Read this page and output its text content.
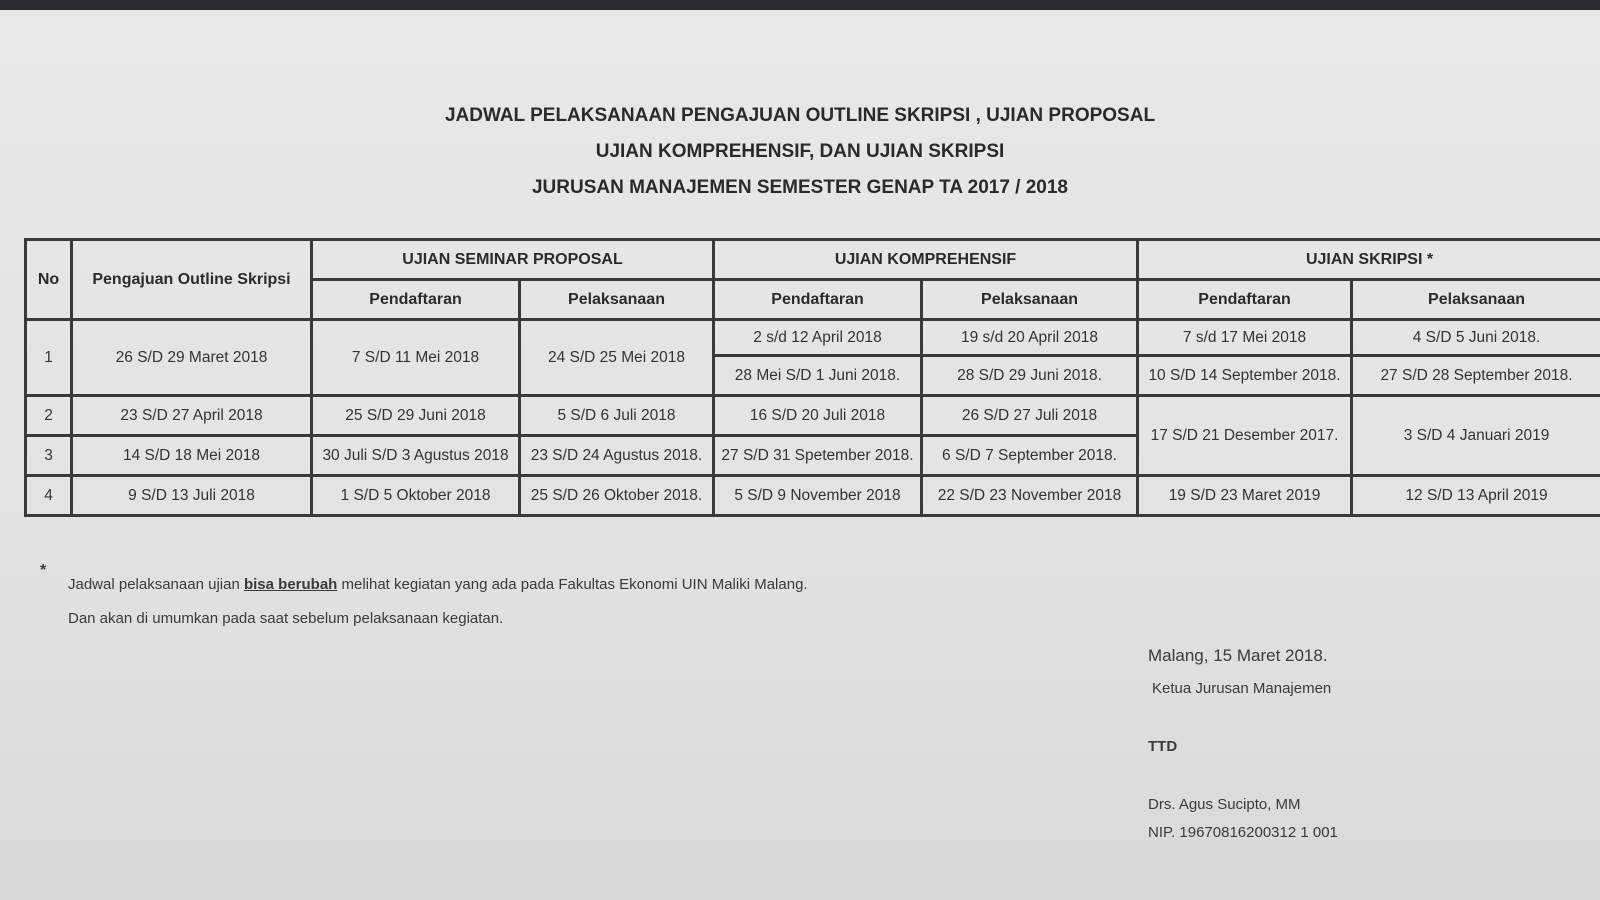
JADWAL PELAKSANAAN PENGAJUAN OUTLINE SKRIPSI , UJIAN PROPOSAL
UJIAN KOMPREHENSIF, DAN UJIAN SKRIPSI
JURUSAN MANAJEMEN SEMESTER GENAP TA 2017 / 2018
No	Pengajuan Outline Skripsi	UJIAN SEMINAR PROPOSAL		UJIAN KOMPREHENSIF		UJIAN SKRIPSI *	
		Pendaftaran	Pelaksanaan	Pendaftaran	Pelaksanaan	Pendaftaran	Pelaksanaan
1	26 S/D 29 Maret 2018	7 S/D 11 Mei 2018	24 S/D 25 Mei 2018	2 s/d 12 April 2018	19 s/d 20 April 2018	7 s/d 17 Mei 2018	4 S/D 5 Juni 2018.
				28 Mei S/D 1 Juni 2018.	28 S/D 29 Juni 2018.	10 S/D 14 September 2018.	27 S/D 28 September 2018.
2	23 S/D 27 April 2018	25 S/D 29 Juni 2018	5 S/D 6 Juli 2018	16 S/D 20 Juli 2018	26 S/D 27 Juli 2018	17 S/D 21 Desember 2017.	3 S/D 4 Januari 2019
3	14 S/D 18 Mei 2018	30 Juli S/D 3 Agustus 2018	23 S/D 24 Agustus 2018.	27 S/D 31 Spetember 2018.	6 S/D 7 September 2018.		
4	9 S/D 13 Juli 2018	1 S/D 5 Oktober 2018	25 S/D 26 Oktober 2018.	5 S/D 9 November 2018	22 S/D 23 November 2018	19 S/D 23 Maret 2019	12 S/D 13 April 2019
*
Jadwal pelaksanaan ujian bisa berubah melihat kegiatan yang ada pada Fakultas Ekonomi UIN Maliki Malang.
Dan akan di umumkan pada saat sebelum pelaksanaan kegiatan.
Malang, 15 Maret 2018.
Ketua Jurusan Manajemen
TTD
Drs. Agus Sucipto, MM
NIP. 19670816200312 1 001
